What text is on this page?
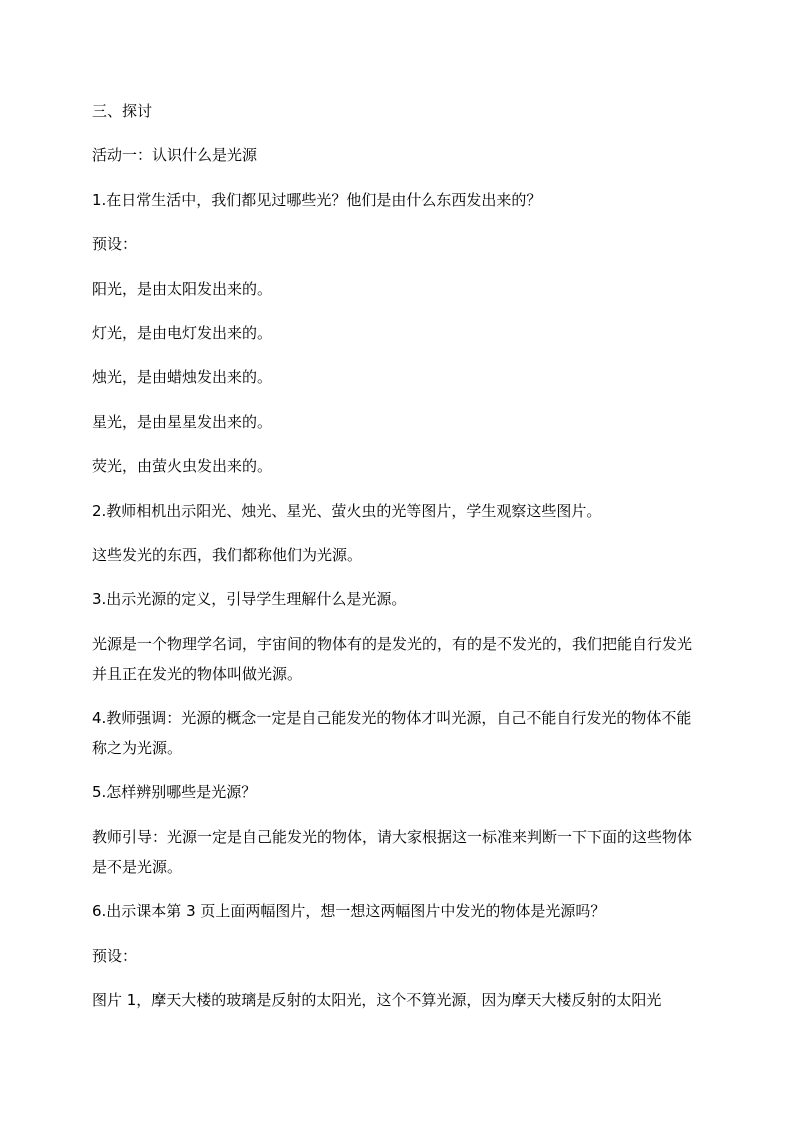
三、探讨

活动一：认识什么是光源

1.在日常生活中，我们都见过哪些光？他们是由什么东西发出来的？

预设：

阳光，是由太阳发出来的。

灯光，是由电灯发出来的。

烛光，是由蜡烛发出来的。

星光，是由星星发出来的。

荧光，由萤火虫发出来的。

2.教师相机出示阳光、烛光、星光、萤火虫的光等图片，学生观察这些图片。

这些发光的东西，我们都称他们为光源。

3.出示光源的定义，引导学生理解什么是光源。

光源是一个物理学名词，宇宙间的物体有的是发光的，有的是不发光的，我们把能自行发光并且正在发光的物体叫做光源。

4.教师强调：光源的概念一定是自己能发光的物体才叫光源，自己不能自行发光的物体不能称之为光源。

5.怎样辨别哪些是光源？

教师引导：光源一定是自己能发光的物体，请大家根据这一标准来判断一下下面的这些物体是不是光源。

6.出示课本第 3 页上面两幅图片，想一想这两幅图片中发光的物体是光源吗？

预设：

图片 1，摩天大楼的玻璃是反射的太阳光，这个不算光源，因为摩天大楼反射的太阳光
